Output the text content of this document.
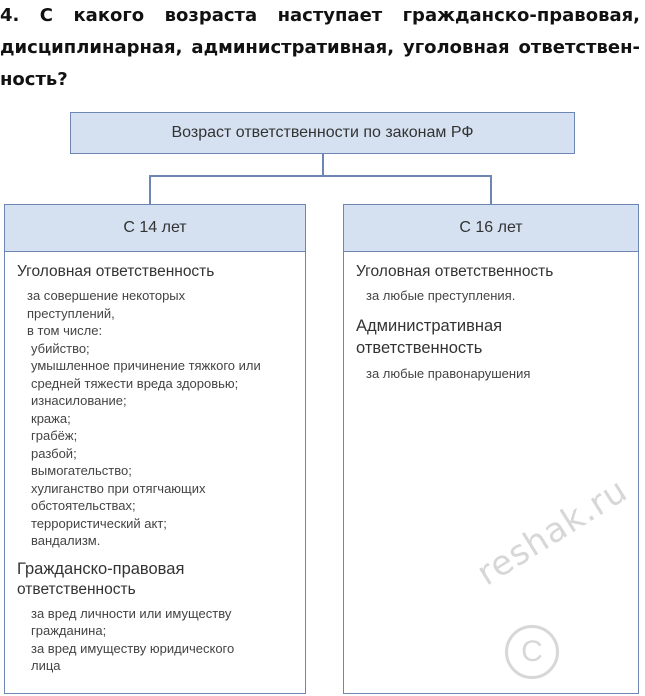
4. С какого возраста наступает гражданско-правовая,
дисциплинарная, административная, уголовная ответствен-
ность?
Возраст ответственности по законам РФ
С 14 лет
Уголовная ответственность
за совершение некоторых
преступлений,
в том числе:
убийство;
умышленное причинение тяжкого или
средней тяжести вреда здоровью;
изнасилование;
кража;
грабёж;
разбой;
вымогательство;
хулиганство при отягчающих
обстоятельствах;
террористический акт;
вандализм.
Гражданско-правовая
ответственность
за вред личности или имуществу
гражданина;
за вред имуществу юридического
лица
С 16 лет
Уголовная ответственность
за любые преступления.
Административная
ответственность
за любые правонарушения
reshak.ru
C
